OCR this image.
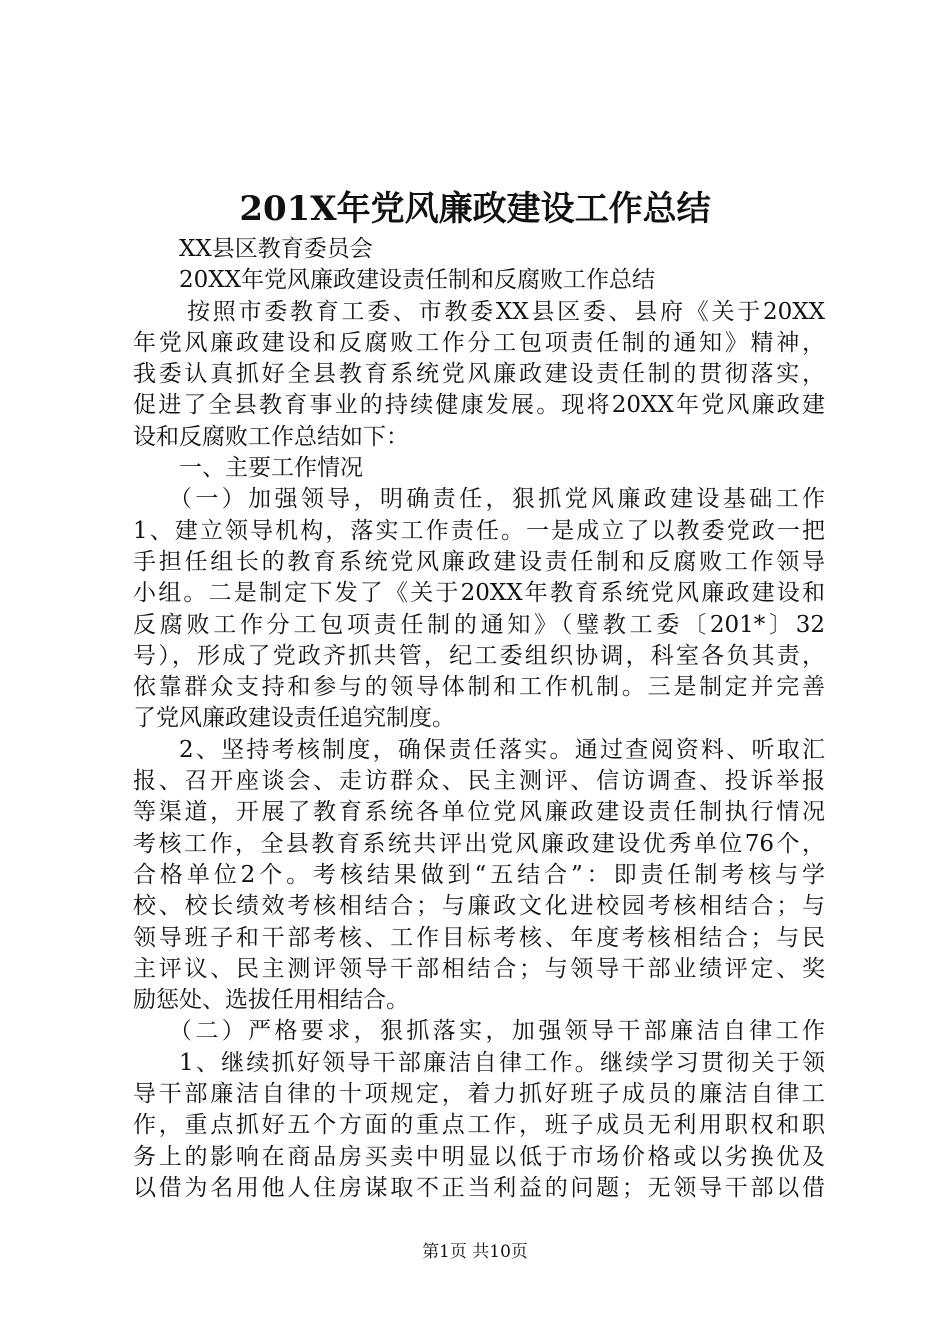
201X年党风廉政建设工作总结
XX县区教育委员会
20XX年党风廉政建设责任制和反腐败工作总结
按照市委教育工委、市教委XX县区委、县府《关于20XX
年党风廉政建设和反腐败工作分工包项责任制的通知》精神，
我委认真抓好全县教育系统党风廉政建设责任制的贯彻落实，
促进了全县教育事业的持续健康发展。现将20XX年党风廉政建
设和反腐败工作总结如下：
一、主要工作情况
（一）加强领导，明确责任，狠抓党风廉政建设基础工作
1、建立领导机构，落实工作责任。一是成立了以教委党政一把
手担任组长的教育系统党风廉政建设责任制和反腐败工作领导
小组。二是制定下发了《关于20XX年教育系统党风廉政建设和
反腐败工作分工包项责任制的通知》（璧教工委〔201*〕32
号），形成了党政齐抓共管，纪工委组织协调，科室各负其责，
依靠群众支持和参与的领导体制和工作机制。三是制定并完善
了党风廉政建设责任追究制度。
2、坚持考核制度，确保责任落实。通过查阅资料、听取汇
报、召开座谈会、走访群众、民主测评、信访调查、投诉举报
等渠道，开展了教育系统各单位党风廉政建设责任制执行情况
考核工作，全县教育系统共评出党风廉政建设优秀单位76个，
合格单位2个。考核结果做到“五结合”：即责任制考核与学
校、校长绩效考核相结合；与廉政文化进校园考核相结合；与
领导班子和干部考核、工作目标考核、年度考核相结合；与民
主评议、民主测评领导干部相结合；与领导干部业绩评定、奖
励惩处、选拔任用相结合。
（二）严格要求，狠抓落实，加强领导干部廉洁自律工作
1、继续抓好领导干部廉洁自律工作。继续学习贯彻关于领
导干部廉洁自律的十项规定，着力抓好班子成员的廉洁自律工
作，重点抓好五个方面的重点工作，班子成员无利用职权和职
务上的影响在商品房买卖中明显以低于市场价格或以劣换优及
以借为名用他人住房谋取不正当利益的问题；无领导干部以借
第1页 共10页
